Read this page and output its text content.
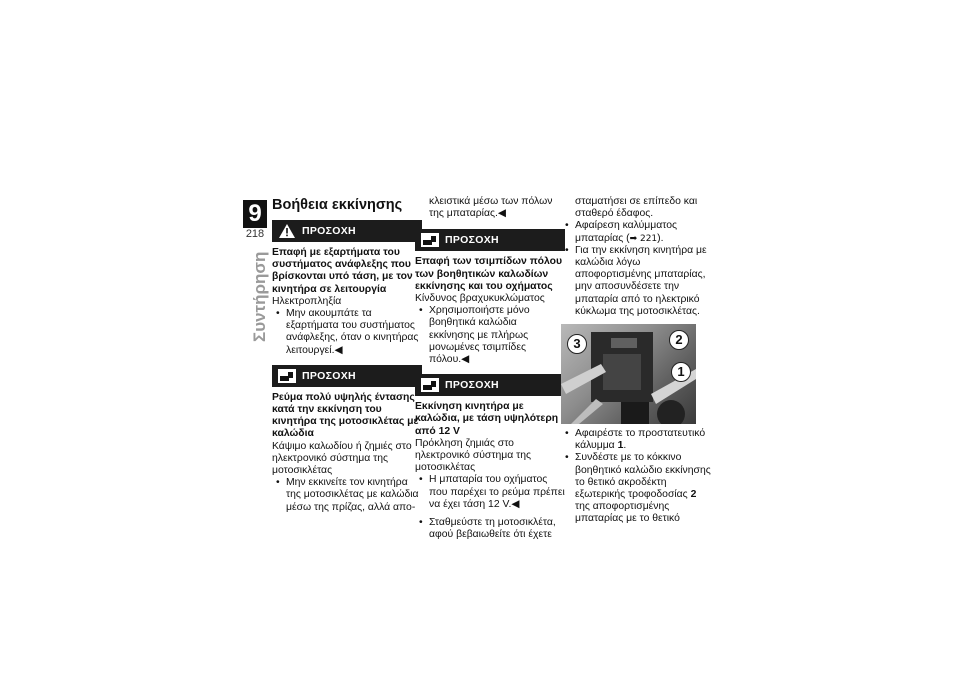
9
218
Συντήρηση
Βοήθεια εκκίνησης
ΠΡΟΣΟΧΗ

Επαφή με εξαρτήματα του συστήματος ανάφλεξης που βρίσκονται υπό τάση, με τον κινητήρα σε λειτουργία

Ηλεκτροπληξία

• Μην ακουμπάτε τα εξαρτήματα του συστήματος ανάφλεξης, όταν ο κινητήρας λειτουργεί.◀
ΠΡΟΣΟΧΗ

Ρεύμα πολύ υψηλής έντασης κατά την εκκίνηση του κινητήρα της μοτοσικλέτας με καλώδια

Κάψιμο καλωδίου ή ζημιές στο ηλεκτρονικό σύστημα της μοτοσικλέτας

• Μην εκκινείτε τον κινητήρα της μοτοσικλέτας με καλώδια μέσω της πρίζας, αλλά απο-

κλειστικά μέσω των πόλων της μπαταρίας.◀

ΠΡΟΣΟΧΗ

Επαφή των τσιμπίδων πόλου των βοηθητικών καλωδίων εκκίνησης και του οχήματος

Κίνδυνος βραχυκυκλώματος

• Χρησιμοποιήστε μόνο βοηθητικά καλώδια εκκίνησης με πλήρως μονωμένες τσιμπίδες πόλου.◀
ΠΡΟΣΟΧΗ

Εκκίνηση κινητήρα με καλώδια, με τάση υψηλότερη από 12 V

Πρόκληση ζημιάς στο ηλεκτρονικό σύστημα της μοτοσικλέτας

• Η μπαταρία του οχήματος που παρέχει το ρεύμα πρέπει να έχει τάση 12 V.◀
• Σταθμεύστε τη μοτοσικλέτα, αφού βεβαιωθείτε ότι έχετε

σταματήσει σε επίπεδο και σταθερό έδαφος.

• Αφαίρεση καλύμματος μπαταρίας (➡ 221).
• Για την εκκίνηση κινητήρα με καλώδια λόγω αποφορτισμένης μπαταρίας, μην αποσυνδέσετε την μπαταρία από το ηλεκτρικό κύκλωμα της μοτοσικλέτας.
3	2
1
• Αφαιρέστε το προστατευτικό κάλυμμα 1.
• Συνδέστε με το κόκκινο βοηθητικό καλώδιο εκκίνησης το θετικό ακροδέκτη εξωτερικής τροφοδοσίας 2 της αποφορτισμένης μπαταρίας με το θετικό
